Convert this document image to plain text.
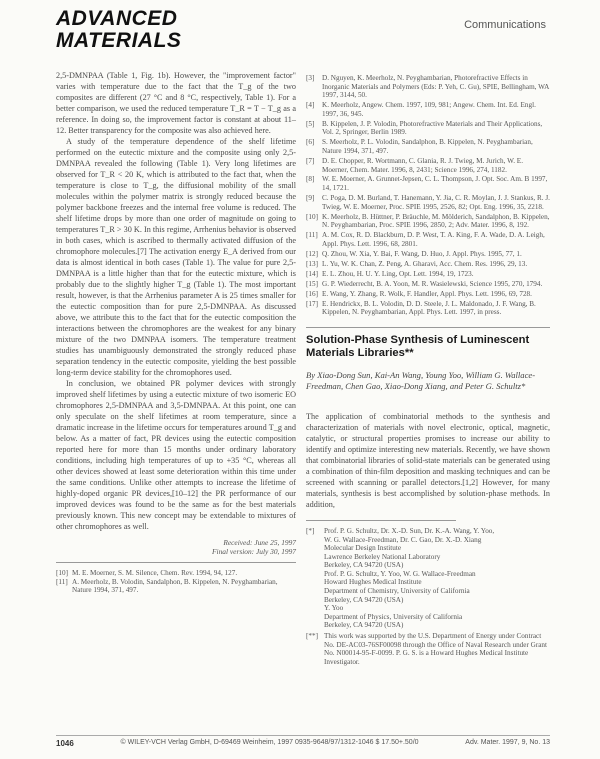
ADVANCED
MATERIALS
Communications

2,5-DMNPAA (Table 1, Fig. 1b). However, the "improvement factor" varies with temperature due to the fact that the T_g of the two composites are different (27 °C and 8 °C, respectively, Table 1). For a better comparison, we used the reduced temperature T_R = T − T_g as a reference. In doing so, the improvement factor is constant at about 11–12. Better transparency for the composite was also achieved here.

A study of the temperature dependence of the shelf lifetime performed on the eutectic mixture and the composite using only 2,5-DMNPAA revealed the following (Table 1). Very long lifetimes are observed for T_R < 20 K, which is attributed to the fact that, when the temperature is close to T_g, the diffusional mobility of the small molecules within the polymer matrix is strongly reduced because the polymer backbone freezes and the internal free volume is reduced. The shelf lifetime drops by more than one order of magnitude on going to temperatures T_R > 30 K. In this regime, Arrhenius behavior is observed in both cases, which is ascribed to thermally activated diffusion of the chromophore molecules.[7] The activation energy E_A derived from our data is almost identical in both cases (Table 1). The value for pure 2,5-DMNPAA is a little higher than that for the eutectic mixture, which is probably due to the slightly higher T_g (Table 1). The most important result, however, is that the Arrhenius parameter A is 25 times smaller for the eutectic composition than for pure 2,5-DMNPAA. As discussed above, we attribute this to the fact that for the eutectic composition the interactions between the chromophores are the weakest for any binary mixture of the two DMNPAA isomers. The temperature treatment studies has unambiguously demonstrated the strongly reduced phase separation tendency in the eutectic composite, yielding the best possible long-term device stability for the chromophores used.

In conclusion, we obtained PR polymer devices with strongly improved shelf lifetimes by using a eutectic mixture of two isomeric EO chromophores 2,5-DMNPAA and 3,5-DMNPAA. At this point, one can only speculate on the shelf lifetimes at room temperature, since a dramatic increase in the lifetime occurs for temperatures around T_g and below. As a matter of fact, PR devices using the eutectic composition reported here for more than 15 months under ordinary laboratory conditions, including high temperatures of up to +35 °C, whereas all other devices showed at least some deterioration within this time under the same conditions. Unlike other attempts to increase the lifetime of highly-doped organic PR devices,[10–12] the PR performance of our improved devices was found to be the same as for the best materials previously known. This new concept may be extendable to mixtures of other chromophores as well.

Received: June 25, 1997
Final version: July 30, 1997
[10] M. E. Moerner, S. M. Silence, Chem. Rev. 1994, 94, 127.
[11] A. Meerholz, B. Volodin, Sandalphon, B. Kippelen, N. Peyghambarian, Nature 1994, 371, 497.
[3]	D. Nguyen, K. Meerholz, N. Peyghambarian, Photorefractive Effects in Inorganic Materials and Polymers (Eds: P. Yeh, C. Gu), SPIE, Bellingham, WA 1997, 3144, 50.
[4]	K. Meerholz, Angew. Chem. 1997, 109, 981; Angew. Chem. Int. Ed. Engl. 1997, 36, 945.
[5]	B. Kippelen, J. P. Volodin, Photorefractive Materials and Their Applications, Vol. 2, Springer, Berlin 1989.
[6]	S. Meerholz, P. L. Volodin, Sandalphon, B. Kippelen, N. Peyghambarian, Nature 1994, 371, 497.
[7]	D. E. Chopper, R. Wortmann, C. Glania, R. J. Twieg, M. Jurich, W. E. Moerner, Chem. Mater. 1996, 8, 2431; Science 1996, 274, 1182.
[8]	W. E. Moerner, A. Grunnet-Jepsen, C. L. Thompson, J. Opt. Soc. Am. B 1997, 14, 1721.
[9]	C. Poga, D. M. Burland, T. Hanemann, Y. Jia, C. R. Moylan, J. J. Stankus, R. J. Twieg, W. E. Moerner, Proc. SPIE 1995, 2526, 82; Opt. Eng. 1996, 35, 2218.
[10] K. Meerholz, B. Hüttner, P. Bräuchle, M. Mölderich, Sandalphon, B. Kippelen, N. Peyghambarian, Proc. SPIE 1996, 2850, 2; Adv. Mater. 1996, 8, 192.
[11] A. M. Cox, R. D. Blackburn, D. P. West, T. A. King, F. A. Wade, D. A. Leigh, Appl. Phys. Lett. 1996, 68, 2801.
[12] Q. Zhou, W. Xia, Y. Bai, F. Wang, D. Huo, J. Appl. Phys. 1995, 77, 1.
[13] L. Yu, W. K. Chan, Z. Peng, A. Gharavi, Acc. Chem. Res. 1996, 29, 13.
[14] E. L. Zhou, H. U. Y. Ling, Opt. Lett. 1994, 19, 1723.
[15] G. P. Wiederrecht, B. A. Yoon, M. R. Wasielewski, Science 1995, 270, 1794.
[16] E. Wang, Y. Zhang, R. Wolk, F. Handler, Appl. Phys. Lett. 1996, 69, 728.
[17] E. Hendrickx, B. L. Volodin, D. D. Steele, J. L. Maldonado, J. F. Wang, B. Kippelen, N. Peyghambarian, Appl. Phys. Lett. 1997, in press.
Solution-Phase Synthesis of Luminescent Materials Libraries**
By Xiao-Dong Sun, Kai-An Wang, Young Yoo, William G. Wallace-Freedman, Chen Gao, Xiao-Dong Xiang, and Peter G. Schultz*

The application of combinatorial methods to the synthesis and characterization of materials with novel electronic, optical, magnetic, catalytic, or structural properties promises to increase our ability to identify and optimize interesting new materials. Recently, we have shown that combinatorial libraries of solid-state materials can be generated using a combination of thin-film deposition and masking techniques and can be screened with scanning or parallel detectors.[1,2] However, for many materials, synthesis is best accomplished by solution-phase methods. In addition,

[*]	Prof. P. G. Schultz, Dr. X.-D. Sun, Dr. K.-A. Wang, Y. Yoo,
W. G. Wallace-Freedman, Dr. C. Gao, Dr. X.-D. Xiang
Molecular Design Institute
Lawrence Berkeley National Laboratory
Berkeley, CA 94720 (USA)
Prof. P. G. Schultz, Y. Yoo, W. G. Wallace-Freedman
Howard Hughes Medical Institute
Department of Chemistry, University of California
Berkeley, CA 94720 (USA)
Y. Yoo
Department of Physics, University of California
Berkeley, CA 94720 (USA)
[**] This work was supported by the U.S. Department of Energy under Contract No. DE-AC03-76SF00098 through the Office of Naval Research under Grant No. N00014-95-F-0099. P. G. S. is a Howard Hughes Medical Institute Investigator.
1046	© WILEY-VCH Verlag GmbH, D-69469 Weinheim, 1997 0935-9648/97/1312-1046 $ 17.50+.50/0	Adv. Mater. 1997, 9, No. 13
